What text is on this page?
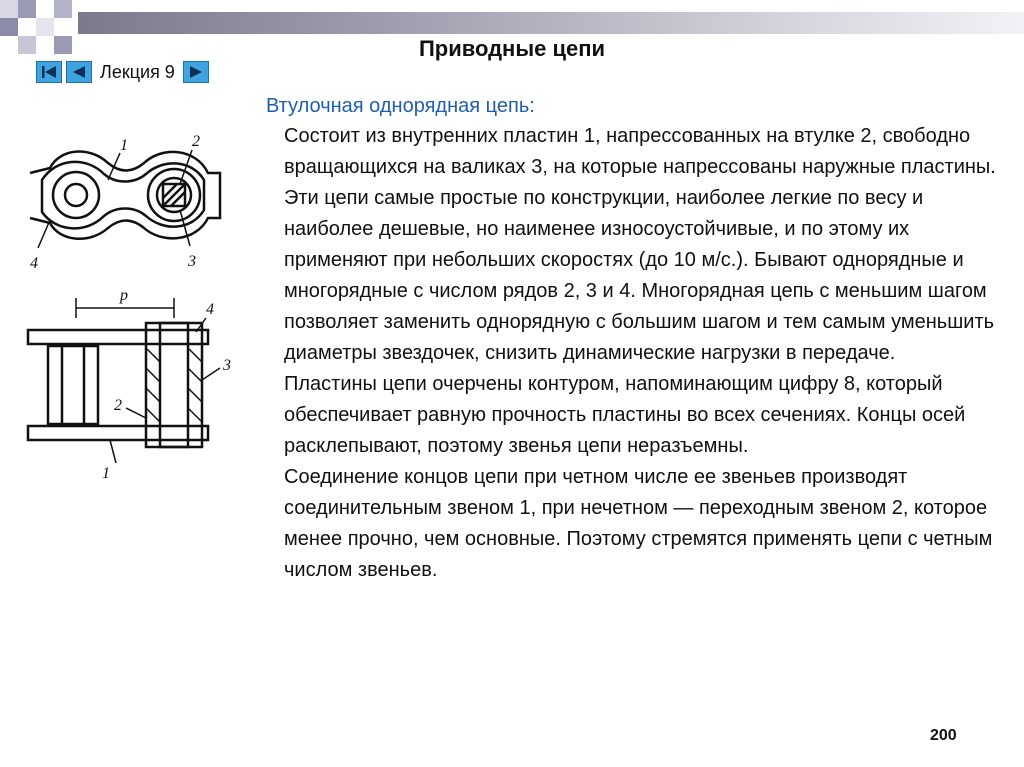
Приводные цепи
Лекция 9
Втулочная однорядная цепь:

Состоит из внутренних пластин 1, напрессованных на втулке 2, свободно вращающихся на валиках 3, на которые напрессованы наружные пластины.

Эти цепи самые простые по конструкции, наиболее легкие по весу и наиболее дешевые, но наименее износоустойчивые, и по этому их применяют при небольших скоростях (до 10 м/с.). Бывают однорядные и многорядные с числом рядов 2, 3 и 4. Многорядная цепь с меньшим шагом позволяет заменить однорядную с большим шагом и тем самым уменьшить диаметры звездочек, снизить динамические нагрузки в передаче.

Пластины цепи очерчены контуром, напоминающим цифру 8, который обеспечивает равную прочность пластины во всех сечениях. Концы осей расклепывают, поэтому звенья цепи неразъемны.

Соединение концов цепи при четном числе ее звеньев производят соединительным звеном 1, при нечетном — переходным звеном 2, которое менее прочно, чем основные. Поэтому стремятся применять цепи с четным числом звеньев.

1	2
3
4
p
4
3
2
1
200
